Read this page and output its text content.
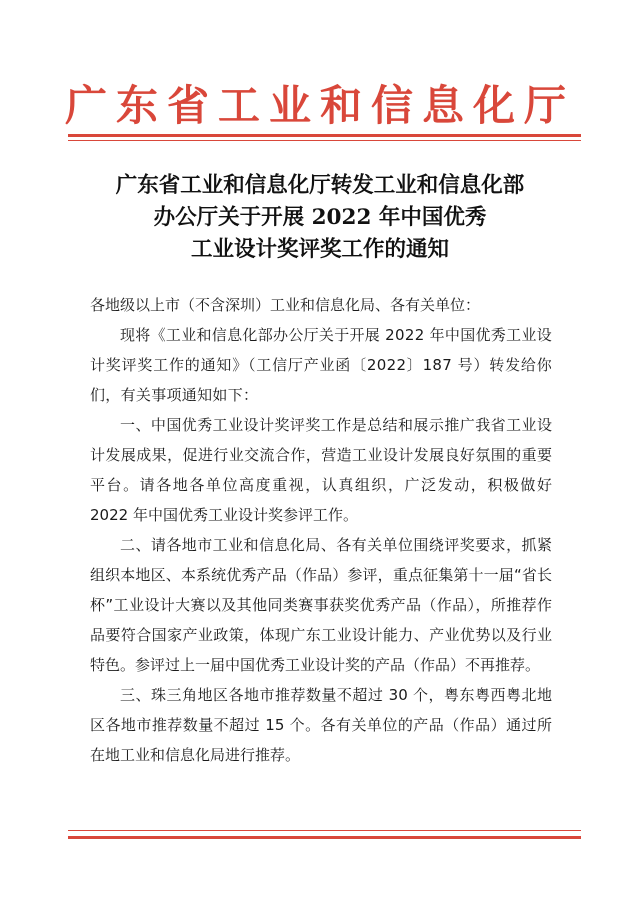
广东省工业和信息化厅
广东省工业和信息化厅转发工业和信息化部
办公厅关于开展 2022 年中国优秀
工业设计奖评奖工作的通知
各地级以上市（不含深圳）工业和信息化局、各有关单位：

现将《工业和信息化部办公厅关于开展 2022 年中国优秀工业设计奖评奖工作的通知》（工信厅产业函〔2022〕187 号）转发给你们，有关事项通知如下：

一、中国优秀工业设计奖评奖工作是总结和展示推广我省工业设计发展成果，促进行业交流合作，营造工业设计发展良好氛围的重要平台。请各地各单位高度重视，认真组织，广泛发动，积极做好 2022 年中国优秀工业设计奖参评工作。

二、请各地市工业和信息化局、各有关单位围绕评奖要求，抓紧组织本地区、本系统优秀产品（作品）参评，重点征集第十一届“省长杯”工业设计大赛以及其他同类赛事获奖优秀产品（作品），所推荐作品要符合国家产业政策，体现广东工业设计能力、产业优势以及行业特色。参评过上一届中国优秀工业设计奖的产品（作品）不再推荐。

三、珠三角地区各地市推荐数量不超过 30 个，粤东粤西粤北地区各地市推荐数量不超过 15 个。各有关单位的产品（作品）通过所在地工业和信息化局进行推荐。
